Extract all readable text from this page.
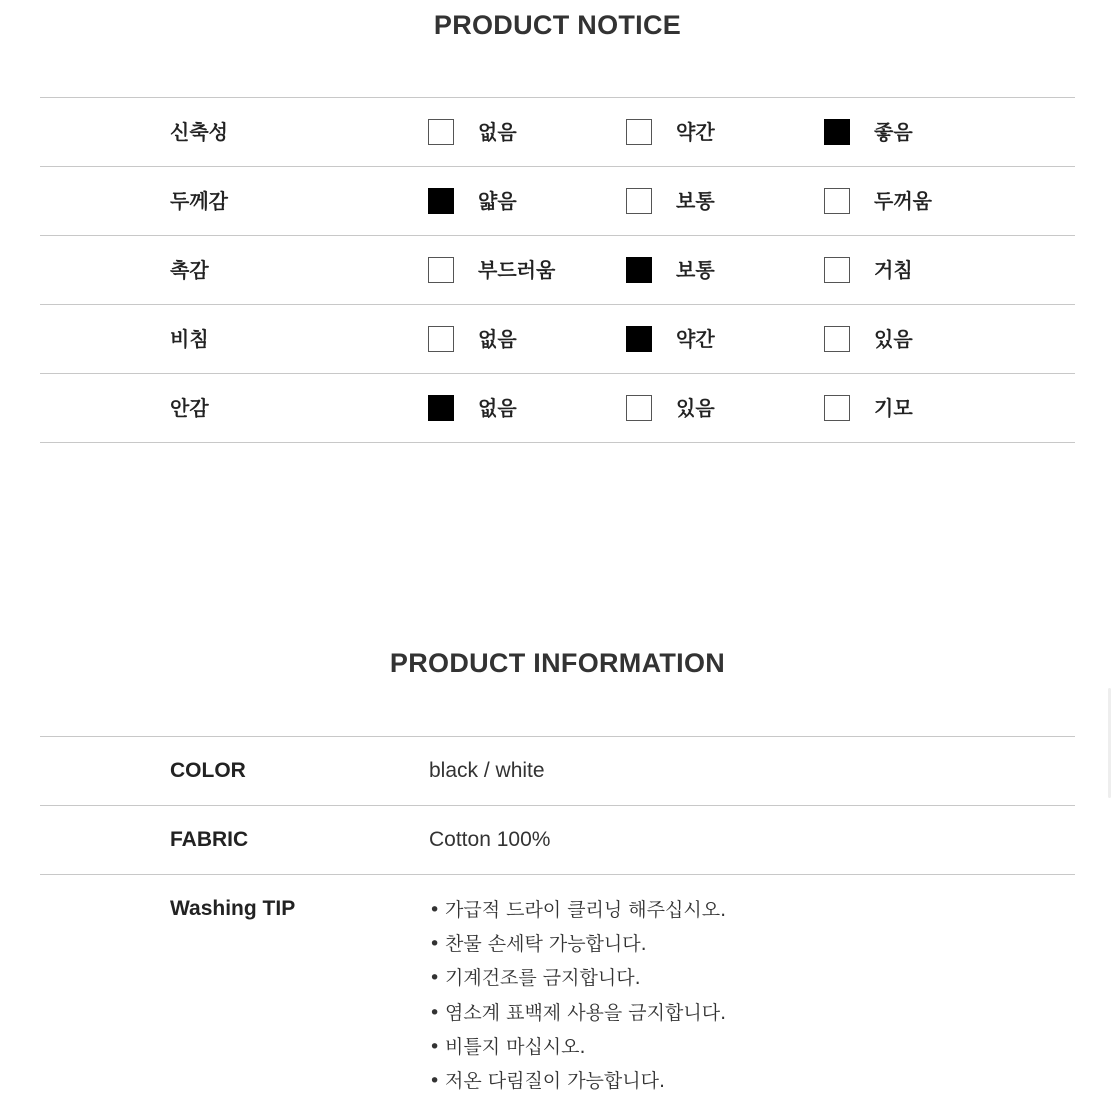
PRODUCT NOTICE
신축성	없음	약간	좋음
두께감	얇음	보통	두꺼움
촉감	부드러움	보통	거침
비침	없음	약간	있음
안감	없음	있음	기모
PRODUCT INFORMATION
COLOR	black / white
FABRIC	Cotton 100%
Washing TIP	• 가급적 드라이 클리닝 해주십시오.
• 찬물 손세탁 가능합니다.
• 기계건조를 금지합니다.
• 염소계 표백제 사용을 금지합니다.
• 비틀지 마십시오.
• 저온 다림질이 가능합니다.
